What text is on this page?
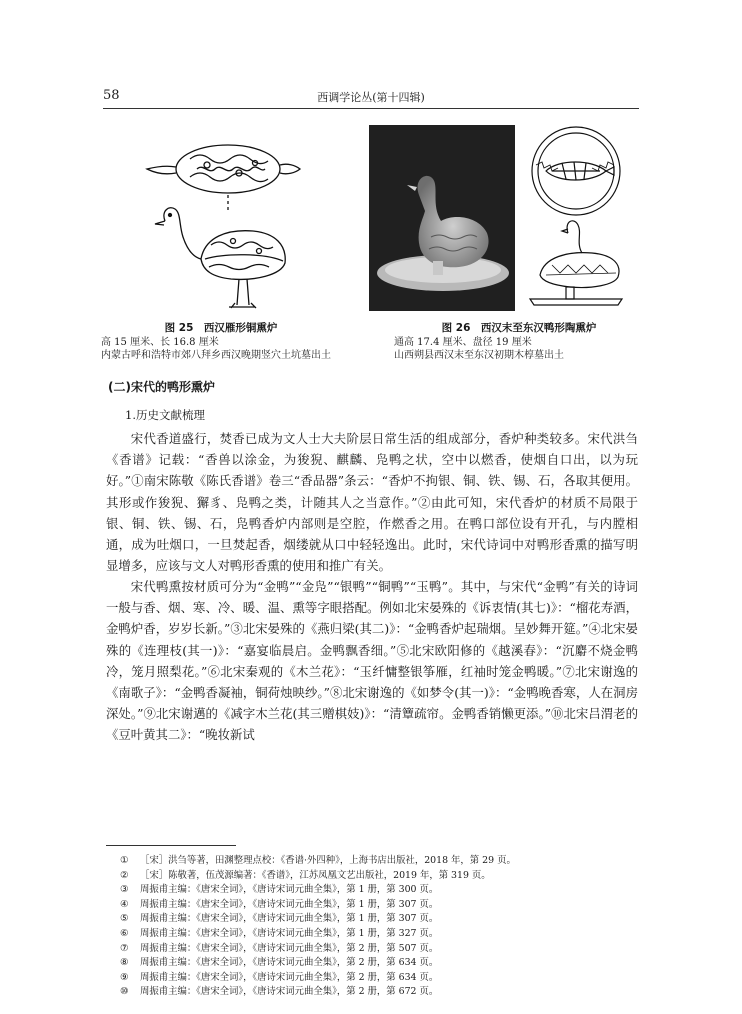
58	西调学论丛(第十四辑)
图 25　西汉雁形铜熏炉
高 15 厘米、长 16.8 厘米
内蒙古呼和浩特市郊八拜乡西汉晚期竖穴土坑墓出土
图 26　西汉末至东汉鸭形陶熏炉
通高 17.4 厘米、盘径 19 厘米
山西朔县西汉末至东汉初期木椁墓出土
(二)宋代的鸭形熏炉
1.历史文献梳理

宋代香道盛行，焚香已成为文人士大夫阶层日常生活的组成部分，香炉种类较多。宋代洪刍《香谱》记载：“香兽以涂金，为狻猊、麒麟、凫鸭之状，空中以燃香，使烟自口出，以为玩好。”①南宋陈敬《陈氏香谱》卷三“香品器”条云：“香炉不拘银、铜、铁、锡、石，各取其便用。其形或作狻猊、獬豸、凫鸭之类，计随其人之当意作。”②由此可知，宋代香炉的材质不局限于银、铜、铁、锡、石，凫鸭香炉内部则是空腔，作燃香之用。在鸭口部位设有开孔，与内膛相通，成为吐烟口，一旦焚起香，烟缕就从口中轻轻逸出。此时，宋代诗词中对鸭形香熏的描写明显增多，应该与文人对鸭形香熏的使用和推广有关。

宋代鸭熏按材质可分为“金鸭”“金凫”“银鸭”“铜鸭”“玉鸭”。其中，与宋代“金鸭”有关的诗词一般与香、烟、寒、冷、暖、温、熏等字眼搭配。例如北宋晏殊的《诉衷情(其七)》：“榴花寿酒，金鸭炉香，岁岁长新。”③北宋晏殊的《燕归梁(其二)》：“金鸭香炉起瑞烟。呈妙舞开筵。”④北宋晏殊的《连理枝(其一)》：“嘉宴临晨启。金鸭飘香细。”⑤北宋欧阳修的《越溪春》：“沉麝不烧金鸭冷，笼月照梨花。”⑥北宋秦观的《木兰花》：“玉纤慵整银筝雁，红袖时笼金鸭暖。”⑦北宋谢逸的《南歌子》：“金鸭香凝袖，铜荷烛映纱。”⑧北宋谢逸的《如梦令(其一)》：“金鸭晚香寒，人在洞房深处。”⑨北宋谢邁的《减字木兰花(其三赠棋妓)》：“清簟疏帘。金鸭香销懒更添。”⑩北宋吕渭老的《豆叶黄其二》：“晚妆新试

① ［宋］洪刍等著，田渊整理点校：《香谱·外四种》，上海书店出版社，2018 年，第 29 页。
② ［宋］陈敬著，伍茂源编著：《香谱》，江苏凤凰文艺出版社，2019 年，第 319 页。
③ 周振甫主编：《唐宋全词》，《唐诗宋词元曲全集》，第 1 册，第 300 页。
④ 周振甫主编：《唐宋全词》，《唐诗宋词元曲全集》，第 1 册，第 307 页。
⑤ 周振甫主编：《唐宋全词》，《唐诗宋词元曲全集》，第 1 册，第 307 页。
⑥ 周振甫主编：《唐宋全词》，《唐诗宋词元曲全集》，第 1 册，第 327 页。
⑦ 周振甫主编：《唐宋全词》，《唐诗宋词元曲全集》，第 2 册，第 507 页。
⑧ 周振甫主编：《唐宋全词》，《唐诗宋词元曲全集》，第 2 册，第 634 页。
⑨ 周振甫主编：《唐宋全词》，《唐诗宋词元曲全集》，第 2 册，第 634 页。
⑩ 周振甫主编：《唐宋全词》，《唐诗宋词元曲全集》，第 2 册，第 672 页。
